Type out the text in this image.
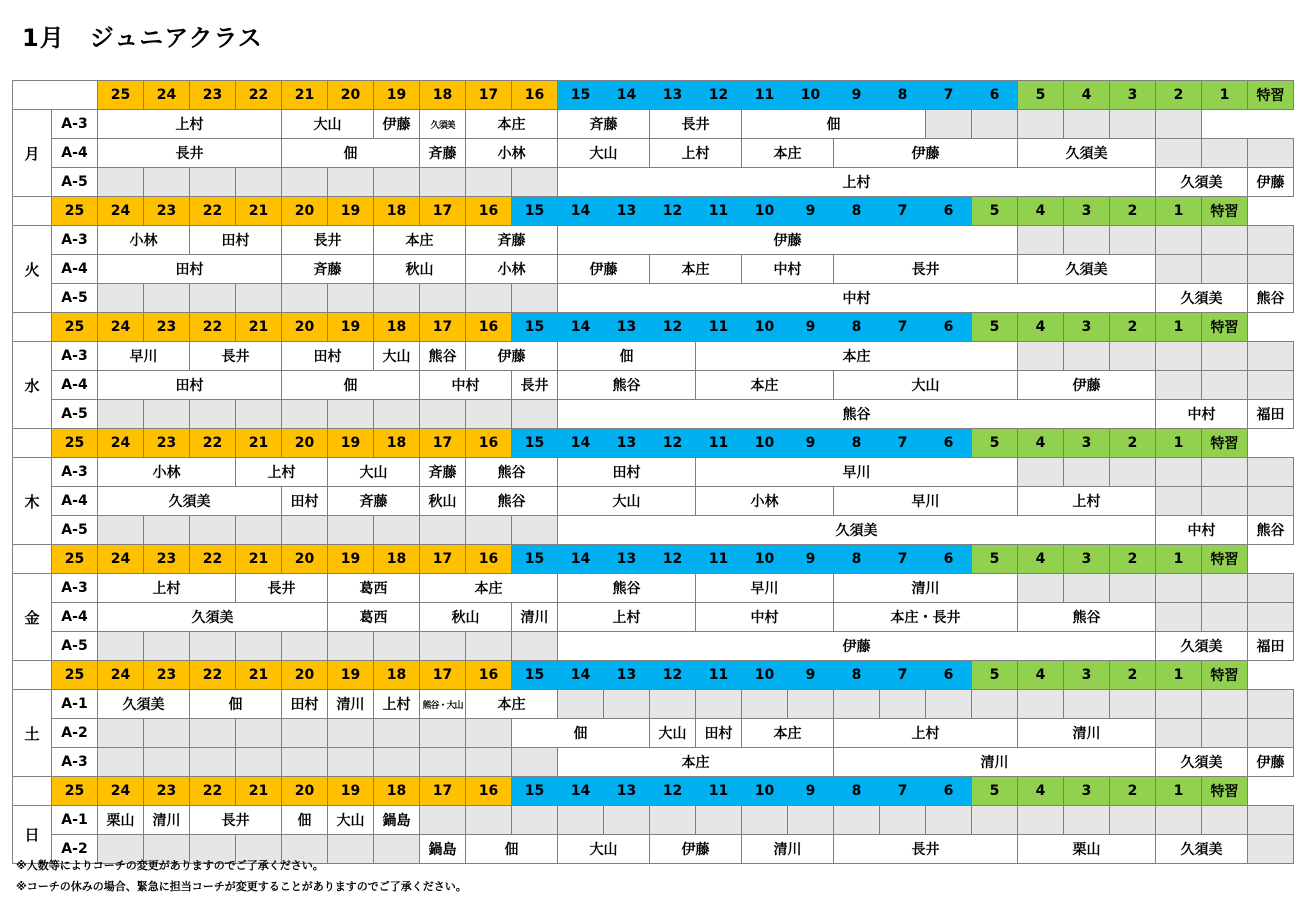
1月　ジュニアクラス
		25	24	23	22	21	20	19	18	17	16	15	14	13	12	11	10	9	8	7	6	5	4	3	2	1	特習
月	A-3	上村				大山		伊藤	久須美	本庄		斉藤		長井		佃											
	A-4	長井				佃			斉藤	小林		大山		上村		本庄		伊藤				久須美					
	A-5											上村													久須美		伊藤
	25	24	23	22	21	20	19	18	17	16	15	14	13	12	11	10	9	8	7	6	5	4	3	2	1	特習	
火	A-3	小林		田村		長井		本庄		斉藤		伊藤															
	A-4	田村				斉藤		秋山		小林		伊藤		本庄		中村		長井				久須美					
	A-5											中村													久須美		熊谷
	25	24	23	22	21	20	19	18	17	16	15	14	13	12	11	10	9	8	7	6	5	4	3	2	1	特習	
水	A-3	早川		長井		田村		大山	熊谷	伊藤		佃			本庄												
	A-4	田村				佃			中村		長井	熊谷			本庄			大山				伊藤					
	A-5											熊谷													中村		福田
	25	24	23	22	21	20	19	18	17	16	15	14	13	12	11	10	9	8	7	6	5	4	3	2	1	特習	
木	A-3	小林			上村		大山		斉藤	熊谷		田村			早川												
	A-4	久須美				田村	斉藤		秋山	熊谷		大山			小林			早川				上村					
	A-5											久須美													中村		熊谷
	25	24	23	22	21	20	19	18	17	16	15	14	13	12	11	10	9	8	7	6	5	4	3	2	1	特習	
金	A-3	上村			長井		葛西		本庄			熊谷			早川			清川									
	A-4	久須美					葛西		秋山		清川	上村			中村			本庄・長井				熊谷					
	A-5											伊藤													久須美		福田
	25	24	23	22	21	20	19	18	17	16	15	14	13	12	11	10	9	8	7	6	5	4	3	2	1	特習	
土	A-1	久須美		佃		田村	清川	上村	熊谷・大山	本庄																	
	A-2										佃			大山	田村	本庄		上村				清川					
	A-3											本庄						清川							久須美		伊藤
	25	24	23	22	21	20	19	18	17	16	15	14	13	12	11	10	9	8	7	6	5	4	3	2	1	特習	
日	A-1	栗山	清川	長井		佃	大山	鍋島																			
	A-2								鍋島	佃		大山		伊藤		清川		長井				栗山			久須美		
※人数等によりコーチの変更がありますのでご了承ください。
※コーチの休みの場合、緊急に担当コーチが変更することがありますのでご了承ください。
